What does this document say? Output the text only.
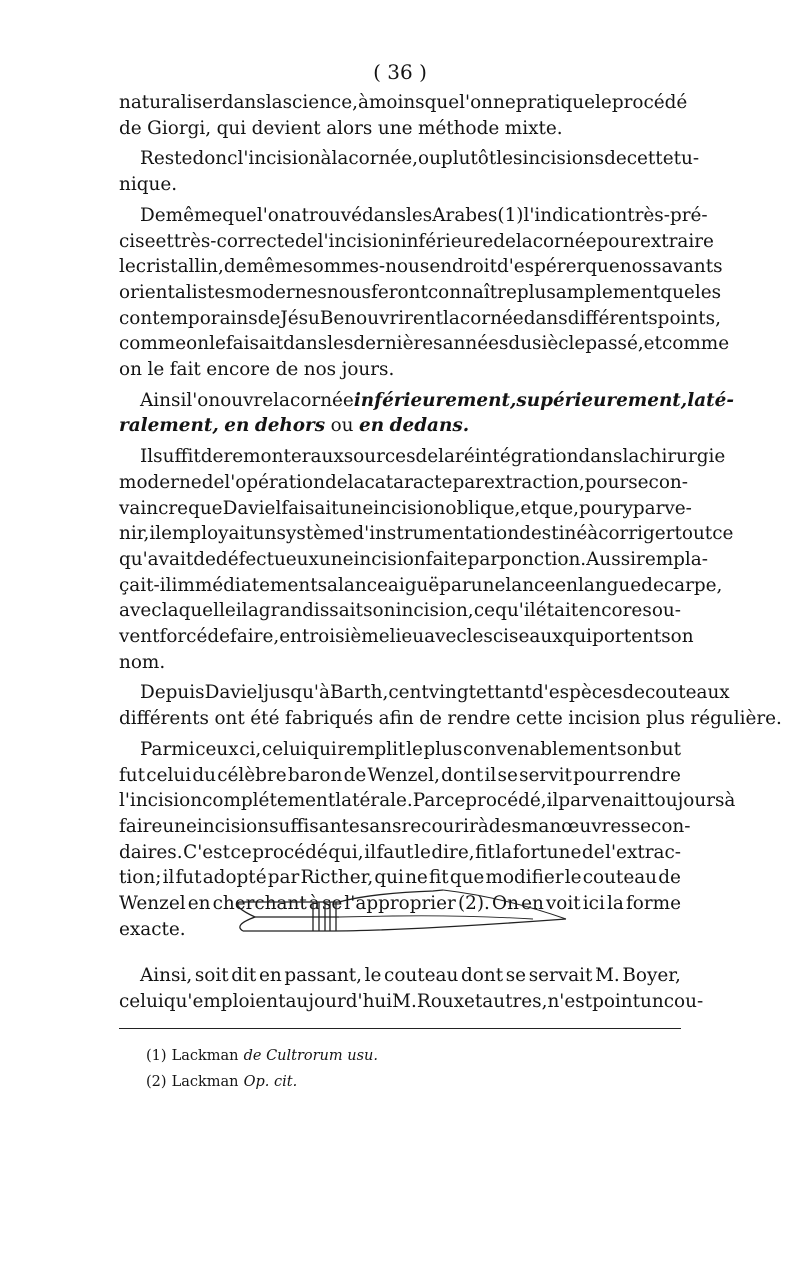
( 36 )
naturaliser dans la science, à moins que l'on ne pratique le procédé
de Giorgi, qui devient alors une méthode mixte.
Reste donc l'incision à la cornée, ou plutôt les incisions de cette tu-
nique.
De même que l'on a trouvé dans les Arabes (1) l'indication très-pré-
cise et très-correcte de l'incision inférieure de la cornée pour extraire
le cristallin, de même sommes-nous en droit d'espérer que nos savants
orientalistes modernes nous feront connaître plus amplement que les
contemporains de Jésu Ben ouvrirent la cornée dans différents points,
comme on le faisait dans les dernières années du siècle passé, et comme
on le fait encore de nos jours.
Ainsi l'on ouvre la cornée inférieurement, supérieurement, laté-
ralement, en dehors ou en dedans.
Il suffit de remonter aux sources de la réintégration dans la chirurgie
moderne de l'opération de la cataracte par extraction, pour se con-
vaincre que Daviel faisait une incision oblique, et que, pour y parve-
nir, il employait un système d'instrumentation destiné à corriger tout ce
qu'avait de défectueux une incision faite par ponction. Aussi rempla-
çait-il immédiatement sa lance aiguë par une lance en langue de carpe,
avec laquelle il agrandissait son incision, ce qu'il était encore sou-
vent forcé de faire, en troisième lieu avec les ciseaux qui portent son
nom.
Depuis Daviel jusqu'à Barth, cent vingt et tant d'espèces de couteaux
différents ont été fabriqués afin de rendre cette incision plus régulière.
Parmi ceux ci, celui qui remplit le plus convenablement son but
fut celui du célèbre baron de Wenzel, dont il se servit pour rendre
l'incision complétement latérale. Par ce procédé, il parvenait toujours à
faire une incision suffisante sans recourir à des manœuvres secon-
daires. C'est ce procédé qui, il faut le dire, fit la fortune de l'extrac-
tion; il fut adopté par Ricther, qui ne fit que modifier le couteau de
Wenzel en cherchant à se l'approprier (2). On en voit ici la forme
exacte.
Ainsi, soit dit en passant, le couteau dont se servait M. Boyer,
celui qu'emploient aujourd'hui M. Roux et autres, n'est point un cou-
(1) Lackman de Cultrorum usu.
(2) Lackman Op. cit.
